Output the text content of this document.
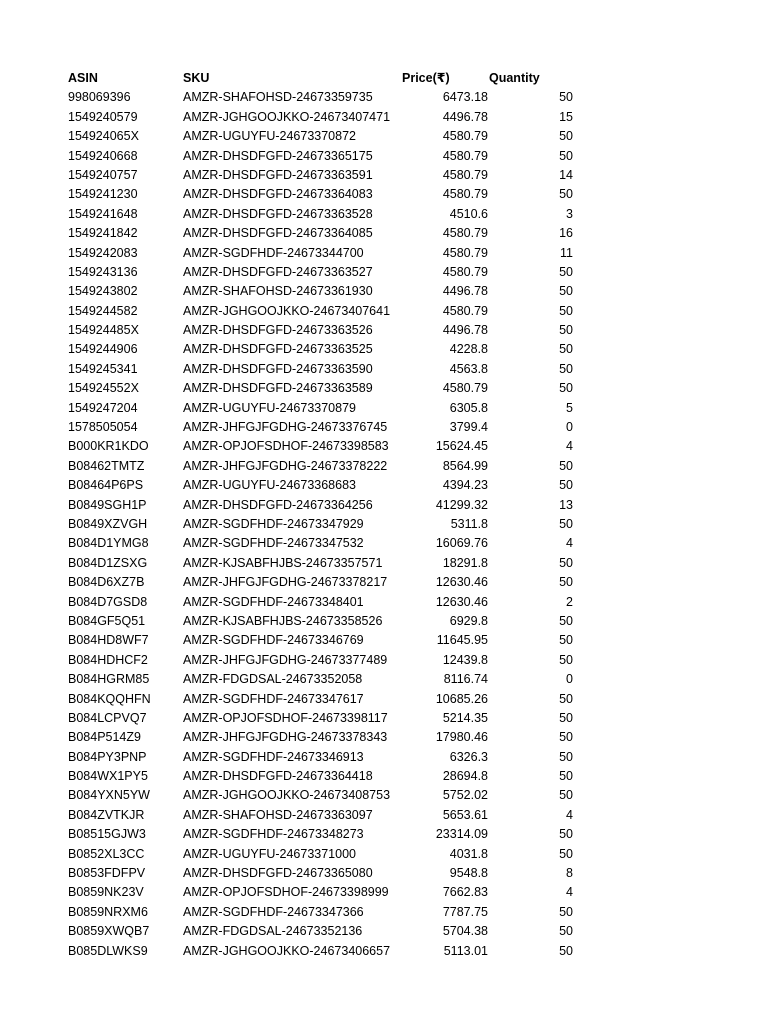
ASIN	SKU	Price(₹)	Quantity
998069396	AMZR-SHAFOHSD-24673359735	6473.18	50
1549240579	AMZR-JGHGOOJKKO-24673407471	4496.78	15
154924065X	AMZR-UGUYFU-24673370872	4580.79	50
1549240668	AMZR-DHSDFGFD-24673365175	4580.79	50
1549240757	AMZR-DHSDFGFD-24673363591	4580.79	14
1549241230	AMZR-DHSDFGFD-24673364083	4580.79	50
1549241648	AMZR-DHSDFGFD-24673363528	4510.6	3
1549241842	AMZR-DHSDFGFD-24673364085	4580.79	16
1549242083	AMZR-SGDFHDF-24673344700	4580.79	11
1549243136	AMZR-DHSDFGFD-24673363527	4580.79	50
1549243802	AMZR-SHAFOHSD-24673361930	4496.78	50
1549244582	AMZR-JGHGOOJKKO-24673407641	4580.79	50
154924485X	AMZR-DHSDFGFD-24673363526	4496.78	50
1549244906	AMZR-DHSDFGFD-24673363525	4228.8	50
1549245341	AMZR-DHSDFGFD-24673363590	4563.8	50
154924552X	AMZR-DHSDFGFD-24673363589	4580.79	50
1549247204	AMZR-UGUYFU-24673370879	6305.8	5
1578505054	AMZR-JHFGJFGDHG-24673376745	3799.4	0
B000KR1KDO	AMZR-OPJOFSDHOF-24673398583	15624.45	4
B08462TMTZ	AMZR-JHFGJFGDHG-24673378222	8564.99	50
B08464P6PS	AMZR-UGUYFU-24673368683	4394.23	50
B0849SGH1P	AMZR-DHSDFGFD-24673364256	41299.32	13
B0849XZVGH	AMZR-SGDFHDF-24673347929	5311.8	50
B084D1YMG8	AMZR-SGDFHDF-24673347532	16069.76	4
B084D1ZSXG	AMZR-KJSABFHJBS-24673357571	18291.8	50
B084D6XZ7B	AMZR-JHFGJFGDHG-24673378217	12630.46	50
B084D7GSD8	AMZR-SGDFHDF-24673348401	12630.46	2
B084GF5Q51	AMZR-KJSABFHJBS-24673358526	6929.8	50
B084HD8WF7	AMZR-SGDFHDF-24673346769	11645.95	50
B084HDHCF2	AMZR-JHFGJFGDHG-24673377489	12439.8	50
B084HGRM85	AMZR-FDGDSAL-24673352058	8116.74	0
B084KQQHFN	AMZR-SGDFHDF-24673347617	10685.26	50
B084LCPVQ7	AMZR-OPJOFSDHOF-24673398117	5214.35	50
B084P514Z9	AMZR-JHFGJFGDHG-24673378343	17980.46	50
B084PY3PNP	AMZR-SGDFHDF-24673346913	6326.3	50
B084WX1PY5	AMZR-DHSDFGFD-24673364418	28694.8	50
B084YXN5YW	AMZR-JGHGOOJKKO-24673408753	5752.02	50
B084ZVTKJR	AMZR-SHAFOHSD-24673363097	5653.61	4
B08515GJW3	AMZR-SGDFHDF-24673348273	23314.09	50
B0852XL3CC	AMZR-UGUYFU-24673371000	4031.8	50
B0853FDFPV	AMZR-DHSDFGFD-24673365080	9548.8	8
B0859NK23V	AMZR-OPJOFSDHOF-24673398999	7662.83	4
B0859NRXM6	AMZR-SGDFHDF-24673347366	7787.75	50
B0859XWQB7	AMZR-FDGDSAL-24673352136	5704.38	50
B085DLWKS9	AMZR-JGHGOOJKKO-24673406657	5113.01	50
